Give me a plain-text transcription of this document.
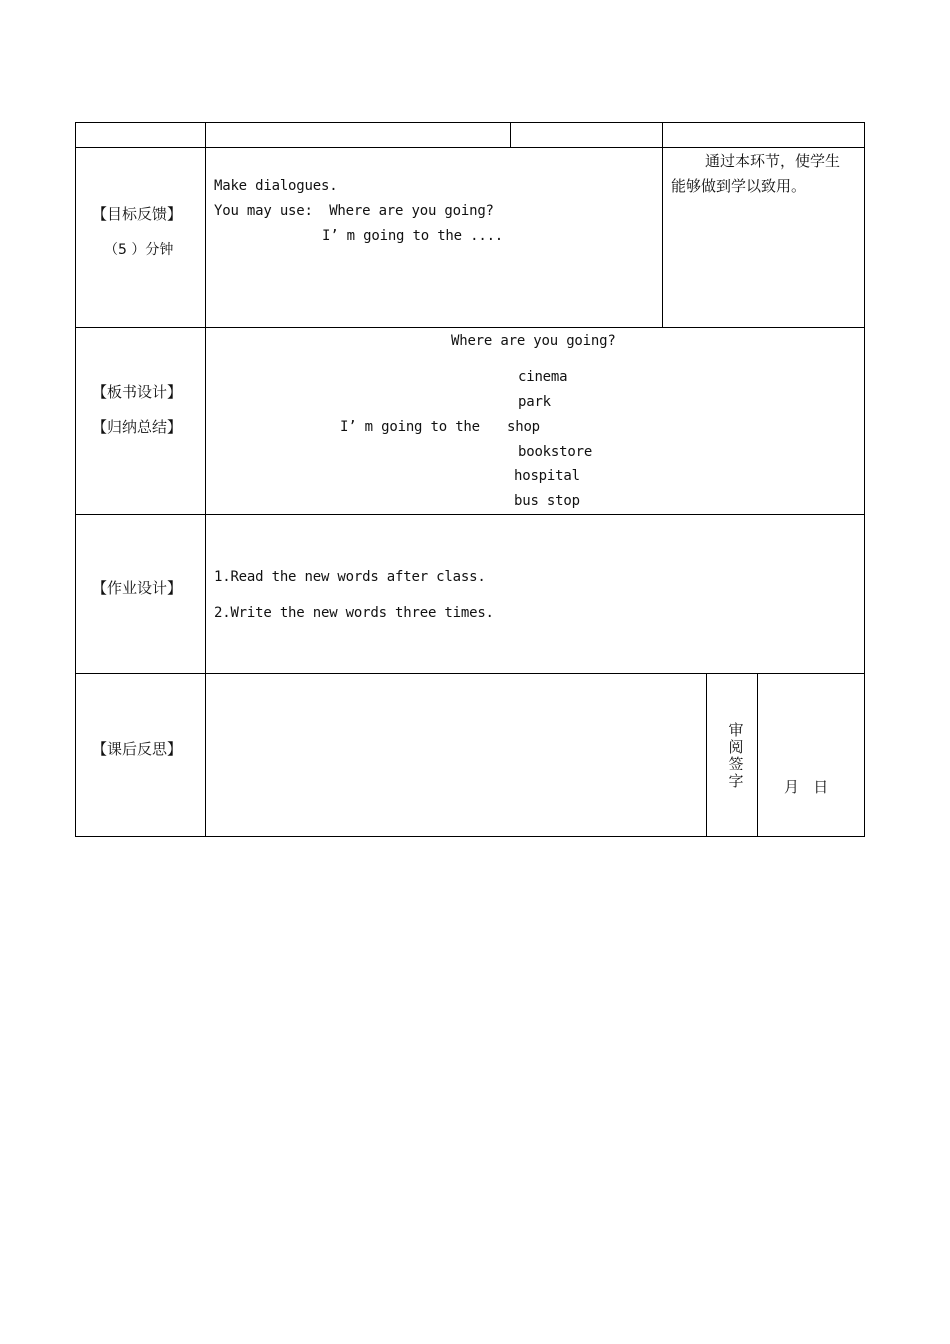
【目标反馈】
（5 ）分钟
Make dialogues.
You may use:  Where are you going?
I’ m going to the ....
通过本环节，使学生
能够做到学以致用。
【板书设计】
【归纳总结】
Where are you going?
cinema
park
I’ m going to the shop
bookstore
hospital
bus stop
【作业设计】
1.Read the new words after class.
2.Write the new words three times.
【课后反思】
审
阅
签
字	月   日
